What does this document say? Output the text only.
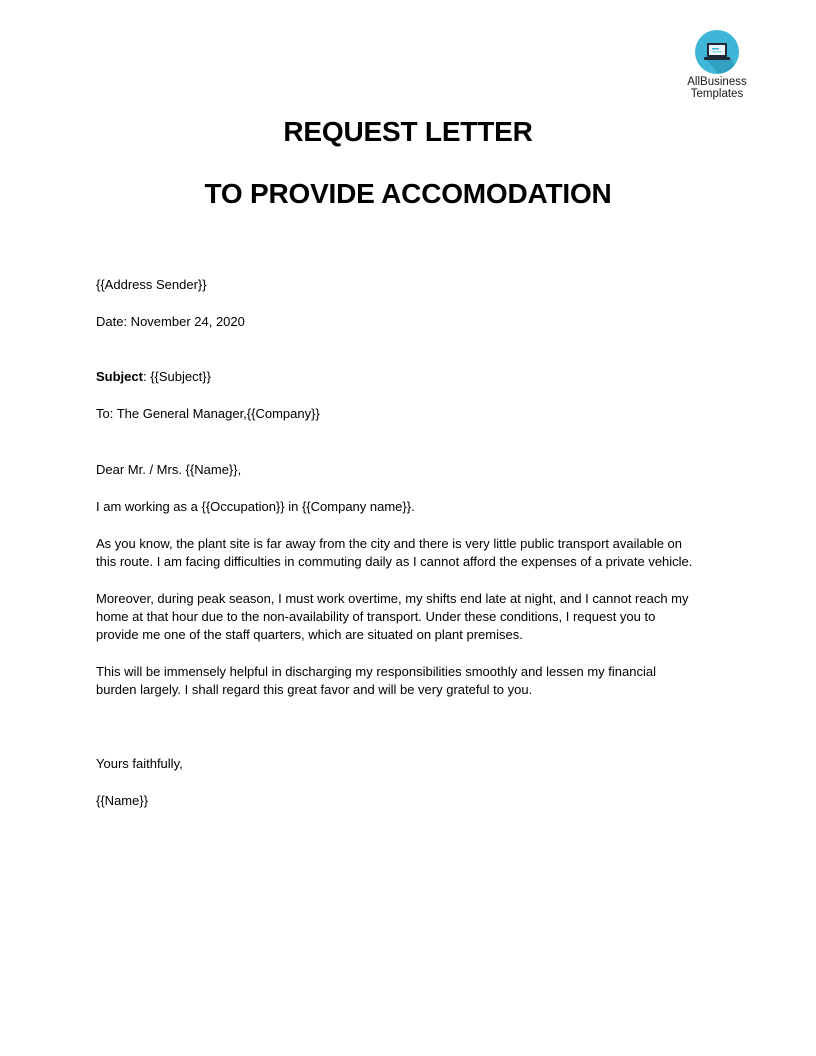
AllBusiness
Templates
REQUEST LETTER
TO PROVIDE ACCOMODATION

{{Address Sender}}

Date: November 24, 2020

Subject: {{Subject}}

To: The General Manager,{{Company}}

Dear Mr. / Mrs. {{Name}},

I am working as a {{Occupation}} in {{Company name}}.

As you know, the plant site is far away from the city and there is very little public transport available on

this route. I am facing difficulties in commuting daily as I cannot afford the expenses of a private vehicle.

Moreover, during peak season, I must work overtime, my shifts end late at night, and I cannot reach my

home at that hour due to the non-availability of transport. Under these conditions, I request you to

provide me one of the staff quarters, which are situated on plant premises.

This will be immensely helpful in discharging my responsibilities smoothly and lessen my financial

burden largely. I shall regard this great favor and will be very grateful to you.

Yours faithfully,

{{Name}}
